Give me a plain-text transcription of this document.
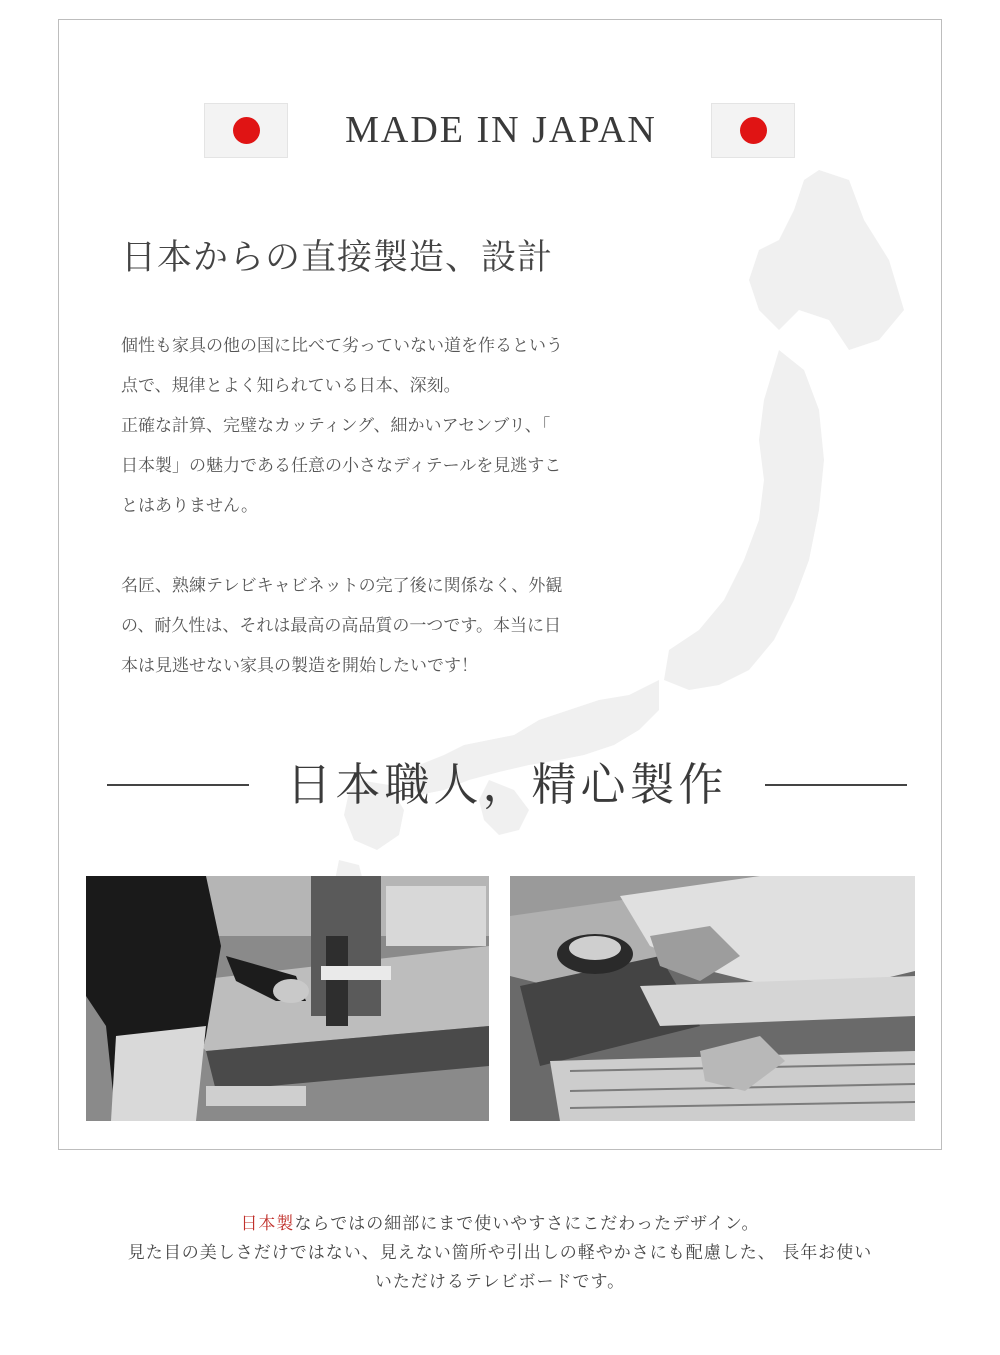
MADE IN JAPAN
日本からの直接製造、設計

個性も家具の他の国に比べて劣っていない道を作るという
点で、規律とよく知られている日本、深刻。
正確な計算、完璧なカッティング、細かいアセンブリ、「
日本製」の魅力である任意の小さなディテールを見逃すこ
とはありません。

名匠、熟練テレビキャビネットの完了後に関係なく、外観
の、耐久性は、それは最高の高品質の一つです。本当に日
本は見逃せない家具の製造を開始したいです！

日本職人，精心製作
日本製ならではの細部にまで使いやすさにこだわったデザイン。
見た目の美しさだけではない、見えない箇所や引出しの軽やかさにも配慮した、 長年お使い
いただけるテレビボードです。
